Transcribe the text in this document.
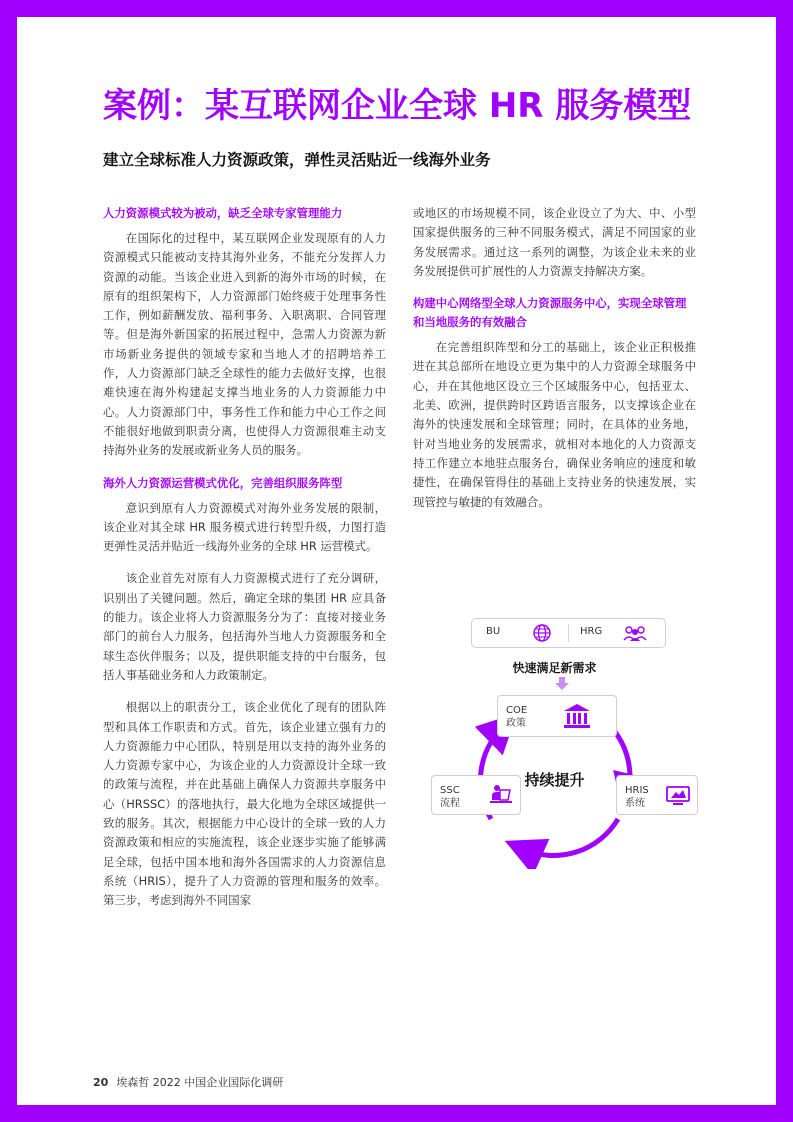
案例：某互联网企业全球 HR 服务模型
建立全球标准人力资源政策，弹性灵活贴近一线海外业务
人力资源模式较为被动，缺乏全球专家管理能力

在国际化的过程中，某互联网企业发现原有的人力资源模式只能被动支持其海外业务，不能充分发挥人力资源的动能。当该企业进入到新的海外市场的时候，在原有的组织架构下，人力资源部门始终疲于处理事务性工作，例如薪酬发放、福利事务、入职离职、合同管理等。但是海外新国家的拓展过程中，急需人力资源为新市场新业务提供的领域专家和当地人才的招聘培养工作，人力资源部门缺乏全球性的能力去做好支撑，也很难快速在海外构建起支撑当地业务的人力资源能力中心。人力资源部门中，事务性工作和能力中心工作之间不能很好地做到职责分离，也使得人力资源很难主动支持海外业务的发展或新业务人员的服务。

海外人力资源运营模式优化，完善组织服务阵型

意识到原有人力资源模式对海外业务发展的限制，该企业对其全球 HR 服务模式进行转型升级，力图打造更弹性灵活并贴近一线海外业务的全球 HR 运营模式。

该企业首先对原有人力资源模式进行了充分调研，识别出了关键问题。然后，确定全球的集团 HR 应具备的能力。该企业将人力资源服务分为了：直接对接业务部门的前台人力服务，包括海外当地人力资源服务和全球生态伙伴服务；以及，提供职能支持的中台服务，包括人事基础业务和人力政策制定。

根据以上的职责分工，该企业优化了现有的团队阵型和具体工作职责和方式。首先，该企业建立强有力的人力资源能力中心团队，特别是用以支持的海外业务的人力资源专家中心，为该企业的人力资源设计全球一致的政策与流程，并在此基础上确保人力资源共享服务中心（HRSSC）的落地执行，最大化地为全球区域提供一致的服务。其次，根据能力中心设计的全球一致的人力资源政策和相应的实施流程，该企业逐步实施了能够满足全球，包括中国本地和海外各国需求的人力资源信息系统（HRIS），提升了人力资源的管理和服务的效率。第三步，考虑到海外不同国家

或地区的市场规模不同，该企业设立了为大、中、小型国家提供服务的三种不同服务模式，满足不同国家的业务发展需求。通过这一系列的调整，为该企业未来的业务发展提供可扩展性的人力资源支持解决方案。

构建中心网络型全球人力资源服务中心，实现全球管理和当地服务的有效融合

在完善组织阵型和分工的基础上，该企业正积极推进在其总部所在地设立更为集中的人力资源全球服务中心，并在其他地区设立三个区域服务中心，包括亚太、北美、欧洲，提供跨时区跨语言服务，以支撑该企业在海外的快速发展和全球管理；同时，在具体的业务地，针对当地业务的发展需求，就相对本地化的人力资源支持工作建立本地驻点服务台，确保业务响应的速度和敏捷性，在确保管得住的基础上支持业务的快速发展，实现管控与敏捷的有效融合。

BU	HRG
快速满足新需求
COE
政策
持续提升
SSC
流程
HRIS
系统
20 埃森哲 2022 中国企业国际化调研
